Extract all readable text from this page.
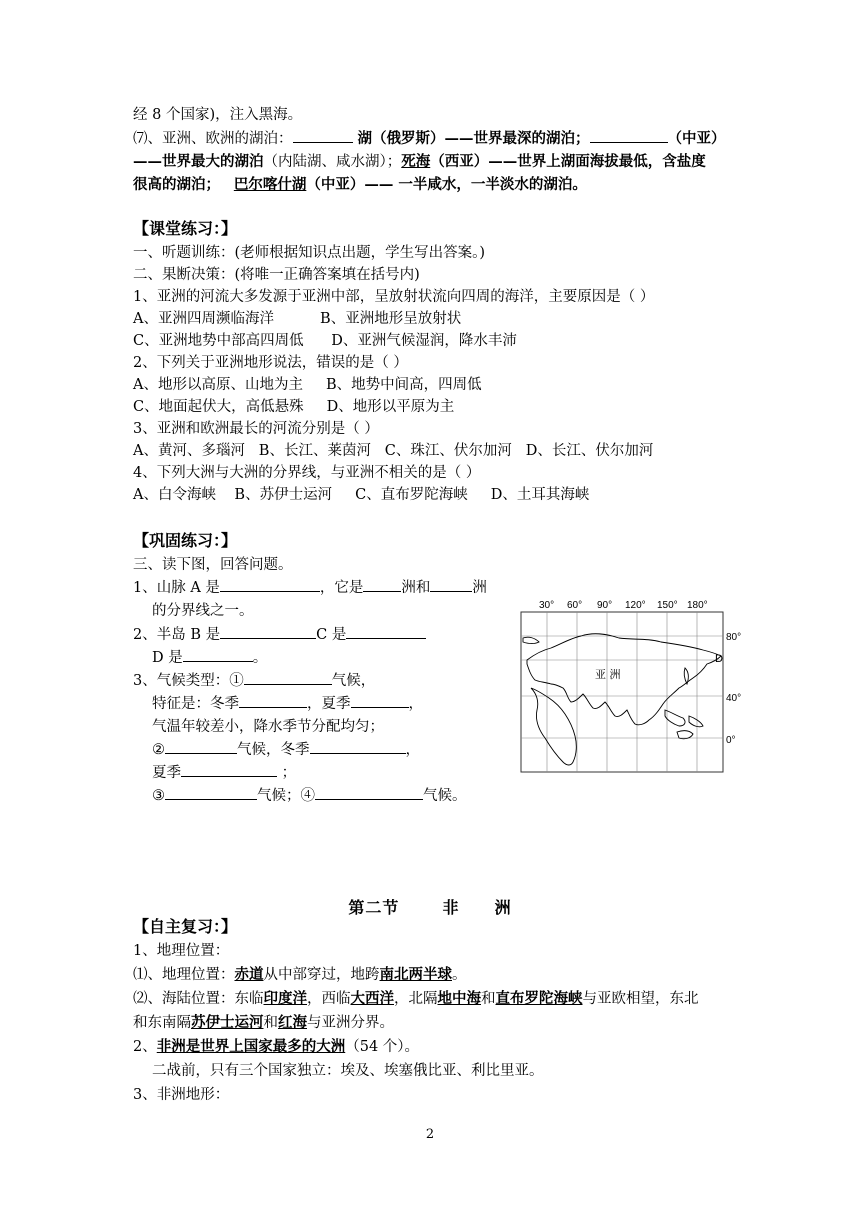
经 8 个国家)，注入黑海。
⑺、亚洲、欧洲的湖泊：	湖（俄罗斯）——世界最深的湖泊；	（中亚）
——世界最大的湖泊（内陆湖、咸水湖）；死海（西亚）——世界上湖面海拔最低，含盐度
很高的湖泊； 巴尔喀什湖（中亚）—— 一半咸水，一半淡水的湖泊。
【课堂练习：】
一、听题训练：(老师根据知识点出题，学生写出答案。)
二、果断决策：(将唯一正确答案填在括号内)
1、亚洲的河流大多发源于亚洲中部，呈放射状流向四周的海洋，主要原因是（ ）
A、亚洲四周濒临海洋          B、亚洲地形呈放射状
C、亚洲地势中部高四周低      D、亚洲气候湿润，降水丰沛
2、下列关于亚洲地形说法，错误的是（ ）
A、地形以高原、山地为主     B、地势中间高，四周低
C、地面起伏大，高低悬殊     D、地形以平原为主
3、亚洲和欧洲最长的河流分别是（ ）
A、黄河、多瑙河   B、长江、莱茵河   C、珠江、伏尔加河   D、长江、伏尔加河
4、下列大洲与大洲的分界线，与亚洲不相关的是（ ）
A、白令海峡    B、苏伊士运河     C、直布罗陀海峡     D、土耳其海峡
【巩固练习：】
三、读下图，回答问题。
1、山脉 A 是	，它是	洲和	洲
的分界线之一。
2、半岛 B 是	C 是
D 是	。
3、气候类型：①	气候，
特征是：冬季	，夏季	，
气温年较差小，降水季节分配均匀；
②	气候，冬季	，
夏季	；
③	气候；④	气候。
30° 60° 90° 120° 150° 180°
80°
40°
0°
亚 洲
D
第二节	非 洲
【自主复习：】
1、地理位置：
⑴、地理位置：赤道从中部穿过，地跨南北两半球。
⑵、海陆位置：东临印度洋，西临大西洋，北隔地中海和直布罗陀海峡与亚欧相望，东北
和东南隔苏伊士运河和红海与亚洲分界。
2、非洲是世界上国家最多的大洲（54 个）。
二战前，只有三个国家独立：埃及、埃塞俄比亚、利比里亚。
3、非洲地形：
2
